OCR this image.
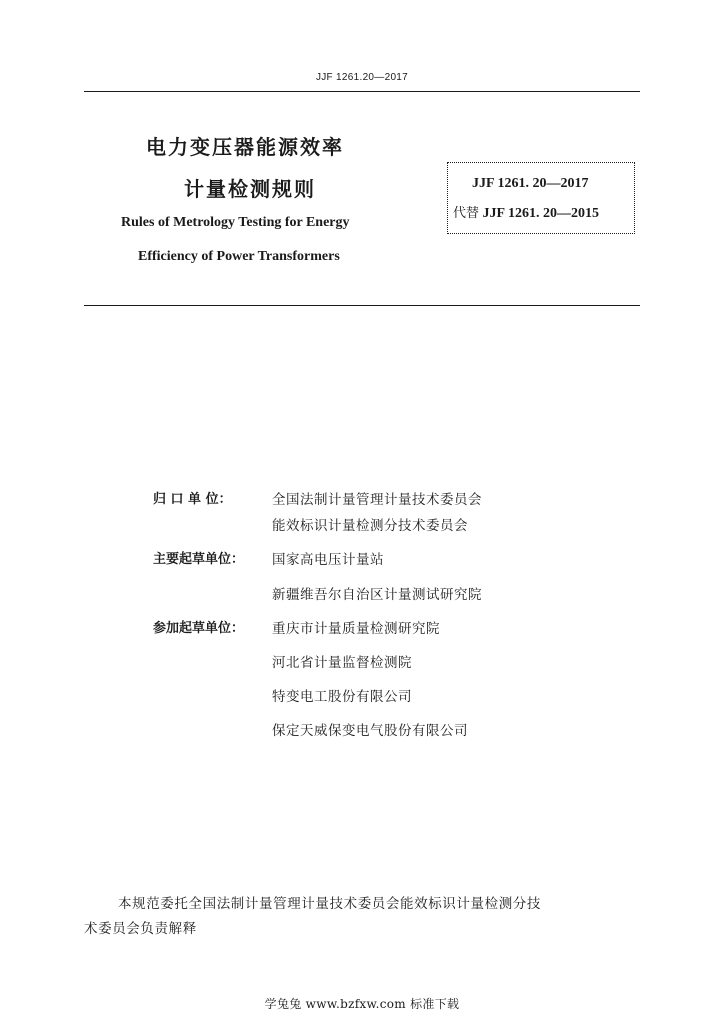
JJF 1261.20—2017
电力变压器能源效率
计量检测规则
Rules of Metrology Testing for Energy
Efficiency of Power Transformers
JJF 1261. 20—2017
代替 JJF 1261. 20—2015
归 口 单 位：	全国法制计量管理计量技术委员会
能效标识计量检测分技术委员会
主要起草单位： 国家高电压计量站
新疆维吾尔自治区计量测试研究院
参加起草单位： 重庆市计量质量检测研究院
河北省计量监督检测院
特变电工股份有限公司
保定天威保变电气股份有限公司
本规范委托全国法制计量管理计量技术委员会能效标识计量检测分技
术委员会负责解释
学兔兔 www.bzfxw.com 标准下载
